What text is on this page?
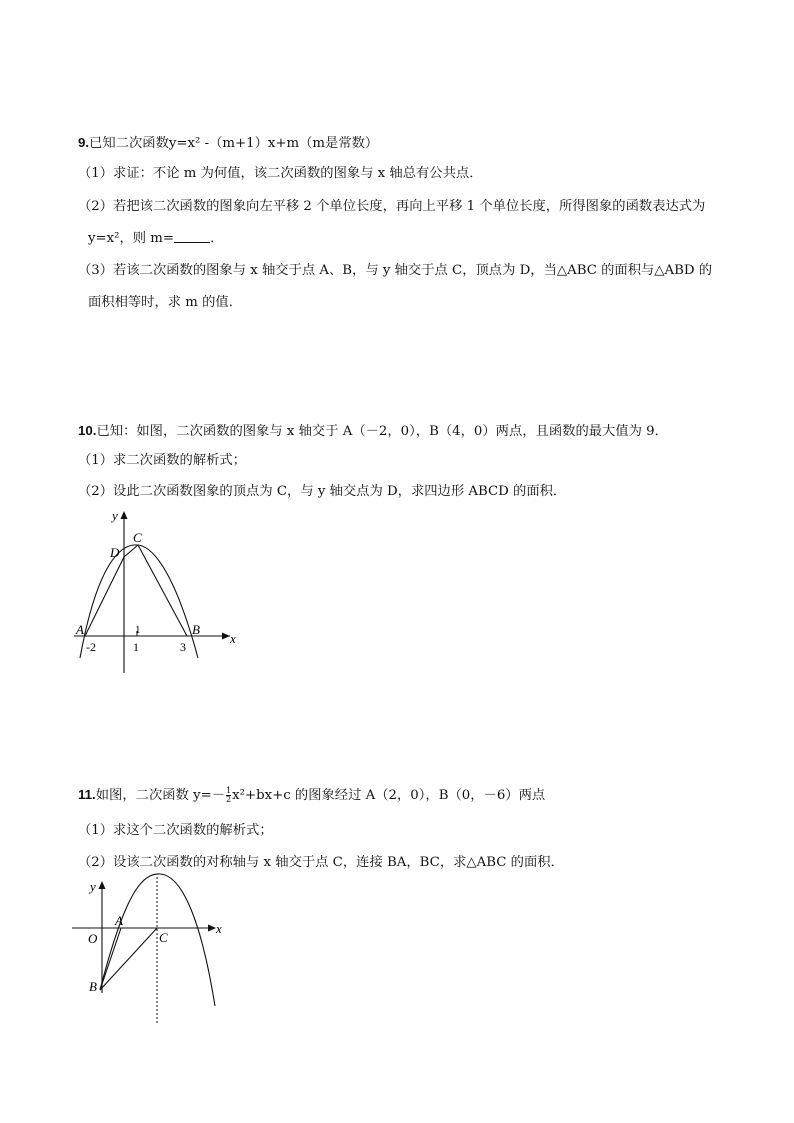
9.已知二次函数y=x² -（m+1）x+m（m是常数）
（1）求证：不论 m 为何值，该二次函数的图象与 x 轴总有公共点．
（2）若把该二次函数的图象向左平移 2 个单位长度，再向上平移 1 个单位长度，所得图象的函数表达式为
y=x²，则 m=	．
（3）若该二次函数的图象与 x 轴交于点 A、B，与 y 轴交于点 C，顶点为 D，当△ABC 的面积与△ABD 的
面积相等时，求 m 的值．
10.已知：如图，二次函数的图象与 x 轴交于 A（－2，0），B（4，0）两点，且函数的最大值为 9．
（1）求二次函数的解析式；
（2）设此二次函数图象的顶点为 C，与 y 轴交点为 D，求四边形 ABCD 的面积．
y
x
C
D
A	B
1
-2	1	3
11.如图，二次函数 $y=- \frac{1}{2} x^2+bx+c$ 的图象经过 A（2，0），B（0，－6）两点
（1）求这个二次函数的解析式；
（2）设该二次函数的对称轴与 x 轴交于点 C，连接 BA，BC，求△ABC 的面积．
y
x
O
A
C
B
